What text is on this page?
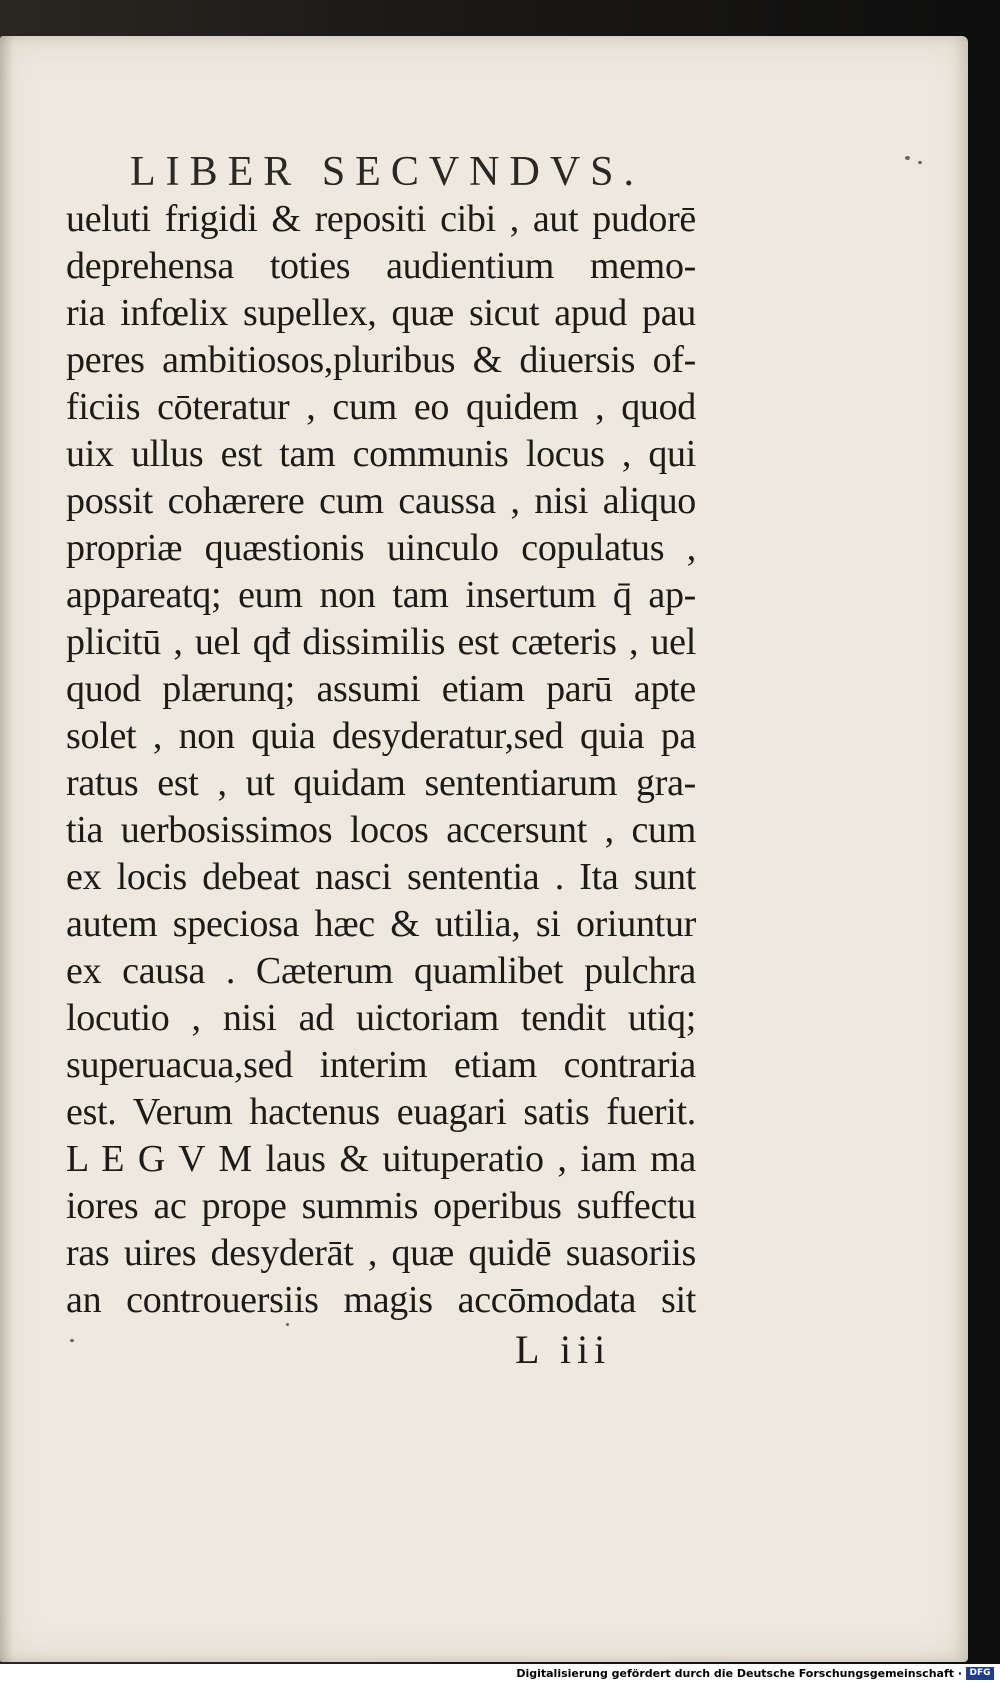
LIBER SECVNDVS.
ueluti frigidi & repositi cibi , aut pudorē
deprehensa toties audientium memo-
ria infœlix supellex, quæ sicut apud pau
peres ambitiosos,pluribus & diuersis of-
ficiis cōteratur , cum eo quidem , quod
uix ullus est tam communis locus , qui
possit cohærere cum caussa , nisi aliquo
propriæ quæstionis uinculo copulatus ,
appareatq; eum non tam insertum q̄ ap-
plicitū , uel qđ dissimilis est cæteris , uel
quod plærunq; assumi etiam parū apte
solet , non quia desyderatur,sed quia pa
ratus est , ut quidam sententiarum gra-
tia uerbosissimos locos accersunt , cum
ex locis debeat nasci sententia . Ita sunt
autem speciosa hæc & utilia, si oriuntur
ex causa . Cæterum quamlibet pulchra
locutio , nisi ad uictoriam tendit utiq;
superuacua,sed interim etiam contraria
est. Verum hactenus euagari satis fuerit.
L E G V M laus & uituperatio , iam ma
iores ac prope summis operibus suffectu
ras uires desyderāt , quæ quidē suasoriis
an controuersiis magis accōmodata sit
L iii
Digitalisierung gefördert durch die Deutsche Forschungsgemeinschaft · DFG
